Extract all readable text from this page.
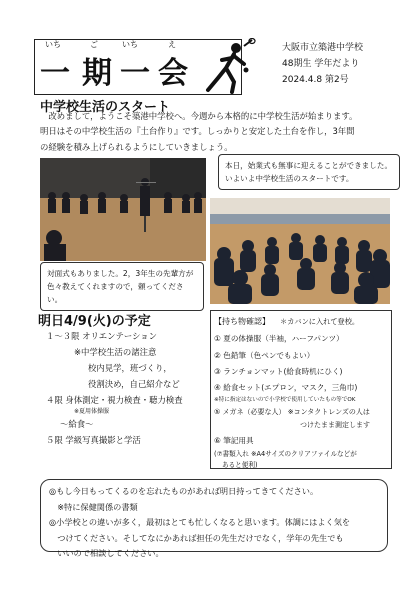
いち	ご	いち	え
一 期 一 会
大阪市立築港中学校
48期生 学年だより
2024.4.8 第2号
中学校生活のスタート
改めまして，ようこそ築港中学校へ。今週から本格的に中学校生活が始まります。
明日はその中学校生活の『土台作り』です。しっかりと安定した土台を作し，3年間
の経験を積み上げられるようにしていきましょう。
対面式もありました。2，3年生の先輩方が色々教えてくれますので，頼ってください。
本日，始業式も無事に迎えることができました。いよいよ中学校生活のスタートです。
明日4/9(火)の予定
１～３限 オリエンテーション
※中学校生活の諸注意
校内見学，班づくり，
役割決め，自己紹介など
４限 身体測定・視力検査・聴力検査
※夏用体操服
～給食～
５限 学級写真撮影と学活
【持ち物確認】 ＊カバンに入れて登校。
① 夏の体操服（半袖，ハーフパンツ）
② 色鉛筆（色ペンでもよい）
③ ランチョンマット(給食時机にひく)
④ 給食セット(エプロン，マスク，三角巾)
※特に指定はないので小学校で使用していたもの等でOK
⑤ メガネ（必要な人） ※コンタクトレンズの人は
つけたまま測定します
⑥ 筆記用具
(⑦書類入れ ※A4サイズのクリアファイルなどが
あると便利)
◎もし今日もってくるのを忘れたものがあれば明日持ってきてください。
※特に保健関係の書類
◎小学校との違いが多く，最初はとても忙しくなると思います。体調にはよく気を
つけてください。そしてなにかあれば担任の先生だけでなく，学年の先生でも
いいので相談してください。
